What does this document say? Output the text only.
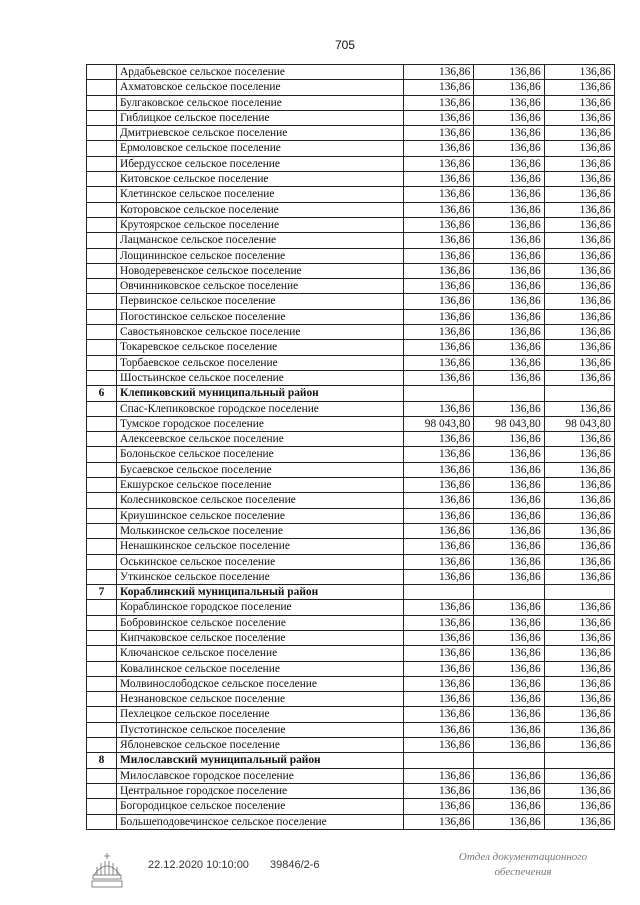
705
	Ардабьевское сельское поселение	136,86	136,86	136,86
	Ахматовское сельское поселение	136,86	136,86	136,86
	Булгаковское сельское поселение	136,86	136,86	136,86
	Гиблицкое сельское поселение	136,86	136,86	136,86
	Дмитриевское сельское поселение	136,86	136,86	136,86
	Ермоловское сельское поселение	136,86	136,86	136,86
	Ибердусское сельское поселение	136,86	136,86	136,86
	Китовское сельское поселение	136,86	136,86	136,86
	Клетинское сельское поселение	136,86	136,86	136,86
	Которовское сельское поселение	136,86	136,86	136,86
	Крутоярское сельское поселение	136,86	136,86	136,86
	Лацманское сельское поселение	136,86	136,86	136,86
	Лощининское сельское поселение	136,86	136,86	136,86
	Новодеревенское сельское поселение	136,86	136,86	136,86
	Овчинниковское сельское поселение	136,86	136,86	136,86
	Первинское сельское поселение	136,86	136,86	136,86
	Погостинское сельское поселение	136,86	136,86	136,86
	Савостьяновское сельское поселение	136,86	136,86	136,86
	Токаревское сельское поселение	136,86	136,86	136,86
	Торбаевское сельское поселение	136,86	136,86	136,86
	Шостьинское сельское поселение	136,86	136,86	136,86
6	Клепиковский муниципальный район			
	Спас-Клепиковское городское поселение	136,86	136,86	136,86
	Тумское городское поселение	98 043,80	98 043,80	98 043,80
	Алексеевское сельское поселение	136,86	136,86	136,86
	Болоньское сельское поселение	136,86	136,86	136,86
	Бусаевское сельское поселение	136,86	136,86	136,86
	Екшурское сельское поселение	136,86	136,86	136,86
	Колесниковское сельское поселение	136,86	136,86	136,86
	Криушинское сельское поселение	136,86	136,86	136,86
	Молькинское сельское поселение	136,86	136,86	136,86
	Ненашкинское сельское поселение	136,86	136,86	136,86
	Оськинское сельское поселение	136,86	136,86	136,86
	Уткинское сельское поселение	136,86	136,86	136,86
7	Кораблинский муниципальный район			
	Кораблинское городское поселение	136,86	136,86	136,86
	Бобровинское сельское поселение	136,86	136,86	136,86
	Кипчаковское сельское поселение	136,86	136,86	136,86
	Ключанское сельское поселение	136,86	136,86	136,86
	Ковалинское сельское поселение	136,86	136,86	136,86
	Молвинослободское сельское поселение	136,86	136,86	136,86
	Незнановское сельское поселение	136,86	136,86	136,86
	Пехлецкое сельское поселение	136,86	136,86	136,86
	Пустотинское сельское поселение	136,86	136,86	136,86
	Яблоневское сельское поселение	136,86	136,86	136,86
8	Милославский муниципальный район			
	Милославское городское поселение	136,86	136,86	136,86
	Центральное городское поселение	136,86	136,86	136,86
	Богородицкое сельское поселение	136,86	136,86	136,86
	Большеподовечинское сельское поселение	136,86	136,86	136,86
22.12.2020 10:10:00 39846/2-6
Отдел документационного
обеспечения
